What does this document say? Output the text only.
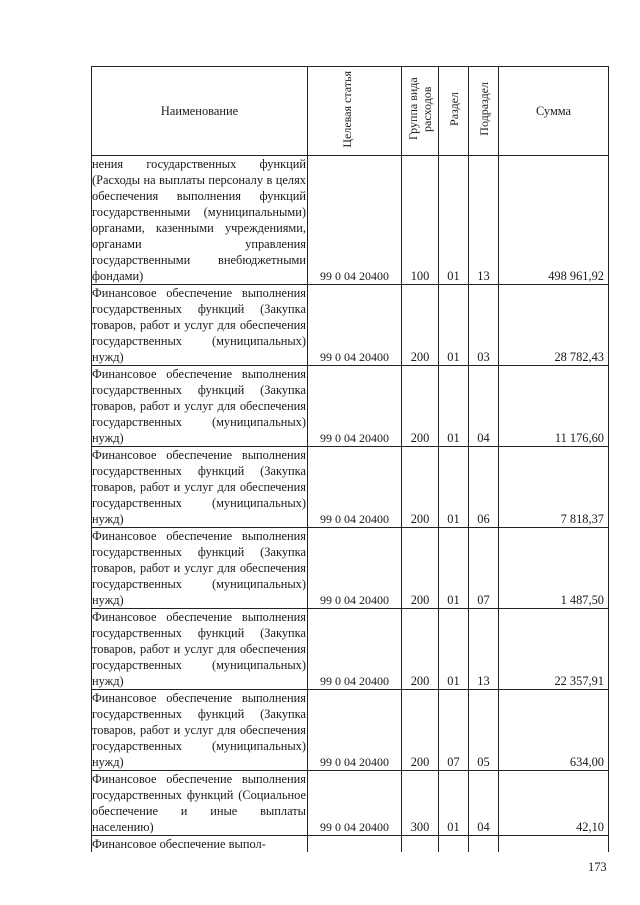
Наименование	Целевая статья	Группа вида расходов	Раздел	Подраздел	Сумма
нения государственных функций (Расходы на выплаты персоналу в целях обеспечения выполнения функций государственными (муниципальными) органами, казенными учреждениями, органами управления государственными внебюджетными фондами)	99 0 04 20400	100	01	13	498 961,92
Финансовое обеспечение выполнения государственных функций (Закупка товаров, работ и услуг для обеспечения государственных (муниципальных) нужд)	99 0 04 20400	200	01	03	28 782,43
Финансовое обеспечение выполнения государственных функций (Закупка товаров, работ и услуг для обеспечения государственных (муниципальных) нужд)	99 0 04 20400	200	01	04	11 176,60
Финансовое обеспечение выполнения государственных функций (Закупка товаров, работ и услуг для обеспечения государственных (муниципальных) нужд)	99 0 04 20400	200	01	06	7 818,37
Финансовое обеспечение выполнения государственных функций (Закупка товаров, работ и услуг для обеспечения государственных (муниципальных) нужд)	99 0 04 20400	200	01	07	1 487,50
Финансовое обеспечение выполнения государственных функций (Закупка товаров, работ и услуг для обеспечения государственных (муниципальных) нужд)	99 0 04 20400	200	01	13	22 357,91
Финансовое обеспечение выполнения государственных функций (Закупка товаров, работ и услуг для обеспечения государственных (муниципальных) нужд)	99 0 04 20400	200	07	05	634,00
Финансовое обеспечение выполнения государственных функций (Социальное обеспечение и иные выплаты населению)	99 0 04 20400	300	01	04	42,10
Финансовое обеспечение выпол-					
173
